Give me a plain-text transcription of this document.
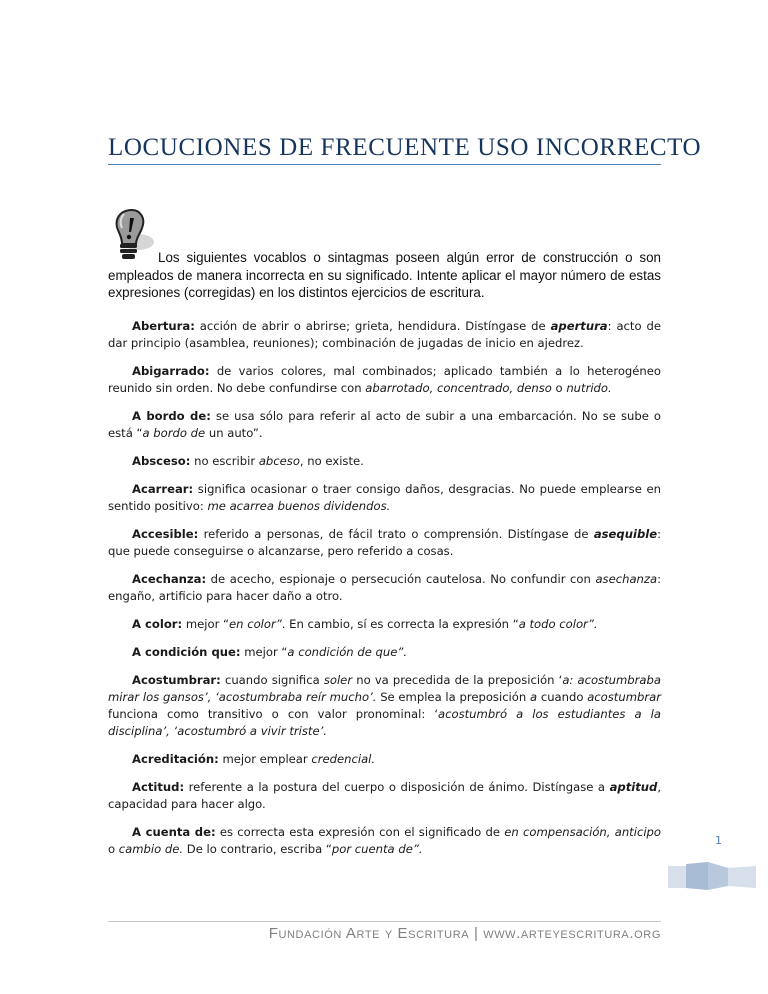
LOCUCIONES DE FRECUENTE USO INCORRECTO
Los siguientes vocablos o sintagmas poseen algún error de construcción o son empleados de manera incorrecta en su significado. Intente aplicar el mayor número de estas expresiones (corregidas) en los distintos ejercicios de escritura.

Abertura: acción de abrir o abrirse; grieta, hendidura. Distíngase de apertura: acto de dar principio (asamblea, reuniones); combinación de jugadas de inicio en ajedrez.

Abigarrado: de varios colores, mal combinados; aplicado también a lo heterogéneo reunido sin orden. No debe confundirse con abarrotado, concentrado, denso o nutrido.

A bordo de: se usa sólo para referir al acto de subir a una embarcación. No se sube o está “a bordo de un auto”.

Absceso: no escribir abceso, no existe.

Acarrear: significa ocasionar o traer consigo daños, desgracias. No puede emplearse en sentido positivo: me acarrea buenos dividendos.

Accesible: referido a personas, de fácil trato o comprensión. Distíngase de asequible: que puede conseguirse o alcanzarse, pero referido a cosas.

Acechanza: de acecho, espionaje o persecución cautelosa. No confundir con asechanza: engaño, artificio para hacer daño a otro.

A color: mejor “en color”. En cambio, sí es correcta la expresión “a todo color”.

A condición que: mejor “a condición de que”.

Acostumbrar: cuando significa soler no va precedida de la preposición ‘a: acostumbraba mirar los gansos’, ‘acostumbraba reír mucho’. Se emplea la preposición a cuando acostumbrar funciona como transitivo o con valor pronominal: ‘acostumbró a los estudiantes a la disciplina’, ‘acostumbró a vivir triste’.

Acreditación: mejor emplear credencial.

Actitud: referente a la postura del cuerpo o disposición de ánimo. Distíngase a aptitud, capacidad para hacer algo.

A cuenta de: es correcta esta expresión con el significado de en compensación, anticipo o cambio de. De lo contrario, escriba “por cuenta de”.

1
Fundación Arte y Escritura | www.arteyescritura.org
